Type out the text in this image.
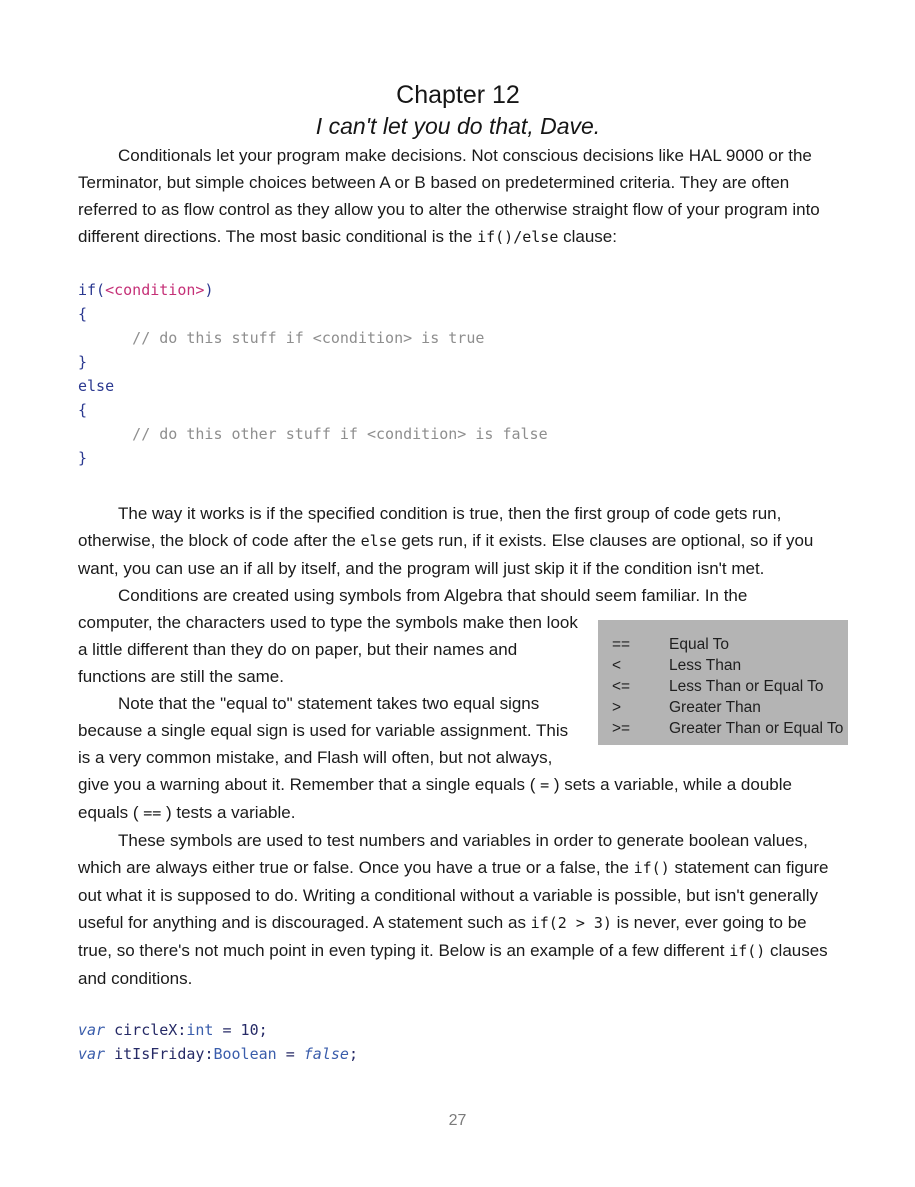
Chapter 12
I can't let you do that, Dave.

Conditionals let your program make decisions. Not conscious decisions like HAL 9000 or the Terminator, but simple choices between A or B based on predetermined criteria. They are often referred to as flow control as they allow you to alter the otherwise straight flow of your program into different directions. The most basic conditional is the if()/else clause:

if(<condition>)
{
// do this stuff if <condition> is true
}
else
{
// do this other stuff if <condition> is false
}

The way it works is if the specified condition is true, then the first group of code gets run, otherwise, the block of code after the else gets run, if it exists. Else clauses are optional, so if you want, you can use an if all by itself, and the program will just skip it if the condition isn't met.

Conditions are created using symbols from Algebra that should seem familiar. In the

==	Equal To
<	Less Than
<=	Less Than or Equal To
>	Greater Than
>=	Greater Than or Equal To

computer, the characters used to type the symbols make then look a little different than they do on paper, but their names and functions are still the same.

Note that the "equal to" statement takes two equal signs because a single equal sign is used for variable assignment. This is a very common mistake, and Flash will often, but not always, give you a warning about it. Remember that a single equals ( = ) sets a variable, while a double equals ( == ) tests a variable.

These symbols are used to test numbers and variables in order to generate boolean values, which are always either true or false. Once you have a true or a false, the if() statement can figure out what it is supposed to do. Writing a conditional without a variable is possible, but isn't generally useful for anything and is discouraged. A statement such as if(2 > 3) is never, ever going to be true, so there's not much point in even typing it. Below is an example of a few different if() clauses and conditions.

var circleX:int = 10;
var itIsFriday:Boolean = false;
27
